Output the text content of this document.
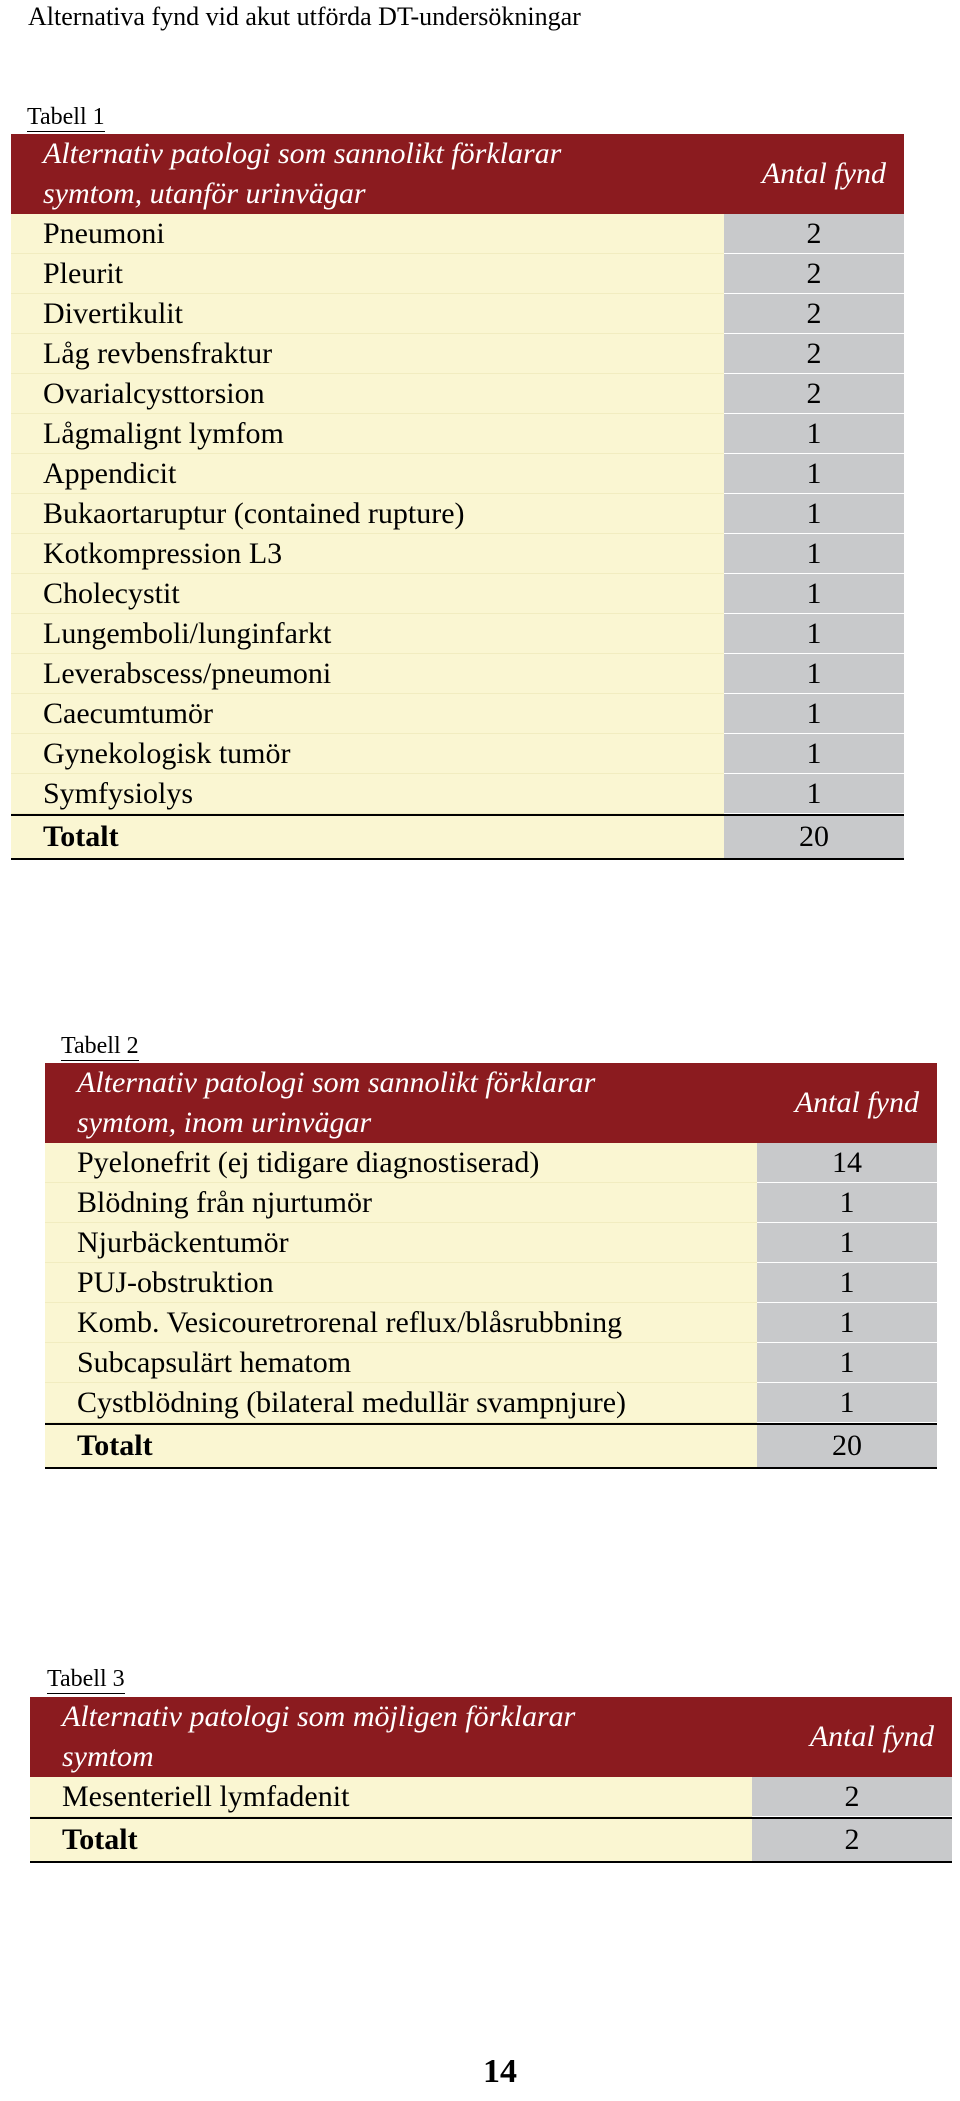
Alternativa fynd vid akut utförda DT-undersökningar
Tabell 1
Alternativ patologi som sannolikt förklarar
symtom, utanför urinvägar
Antal fynd
Pneumoni	2
Pleurit	2
Divertikulit	2
Låg revbensfraktur	2
Ovarialcysttorsion	2
Lågmalignt lymfom	1
Appendicit	1
Bukaortaruptur (contained rupture)	1
Kotkompression L3	1
Cholecystit	1
Lungemboli/lunginfarkt	1
Leverabscess/pneumoni	1
Caecumtumör	1
Gynekologisk tumör	1
Symfysiolys	1
Totalt	20
Tabell 2
Alternativ patologi som sannolikt förklarar
symtom, inom urinvägar
Antal fynd
Pyelonefrit (ej tidigare diagnostiserad)	14
Blödning från njurtumör	1
Njurbäckentumör	1
PUJ-obstruktion	1
Komb. Vesicouretrorenal reflux/blåsrubbning	1
Subcapsulärt hematom	1
Cystblödning (bilateral medullär svampnjure)	1
Totalt	20
Tabell 3
Alternativ patologi som möjligen förklarar
symtom
Antal fynd
Mesenteriell lymfadenit	2
Totalt	2
14
